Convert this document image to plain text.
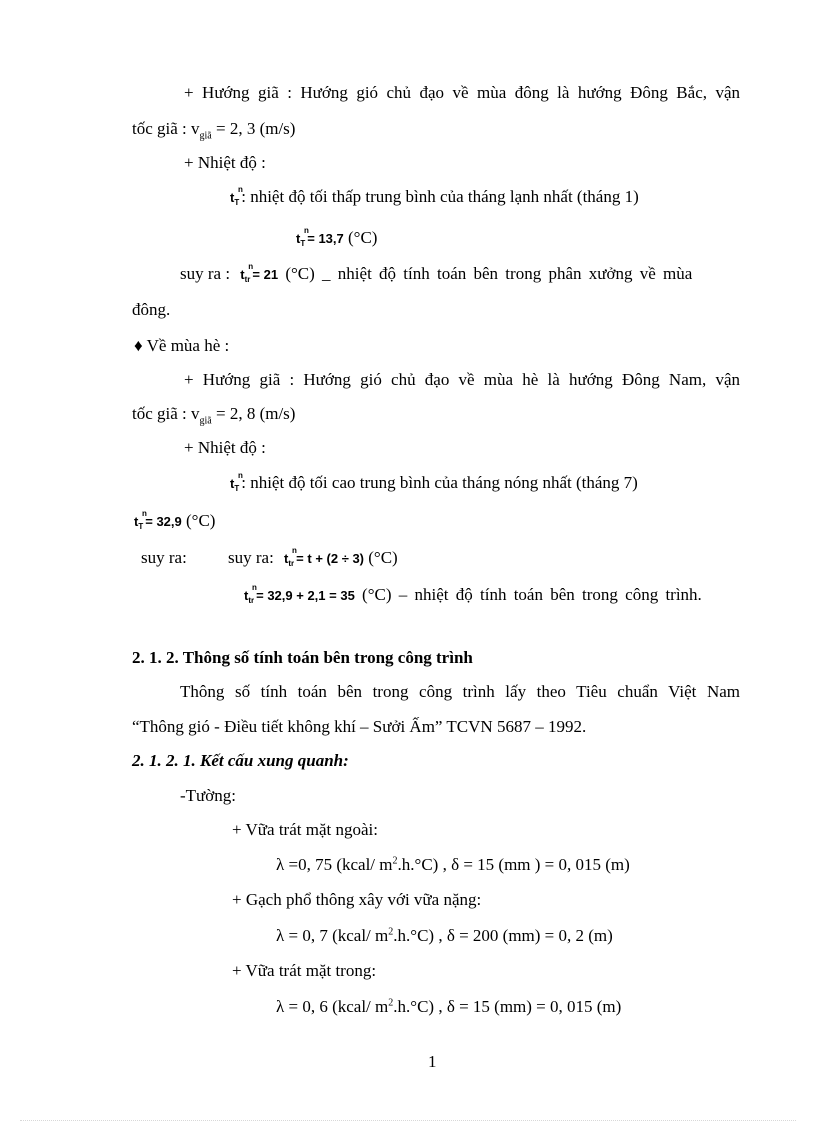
+ Hướng giã : Hướng gió chủ đạo về mùa đông là hướng Đông Bắc, vận
tốc giã : $v_{giã} = 2$, 3 (m/s)
+ Nhiệt độ :
t
n
$_T$ : nhiệt độ tối thấp trung bình của tháng lạnh nhất (tháng 1)
t
n
$_T$ = 13,7 (°C)
suy ra : t
n
$_{tr}$ = 21 (°C) _ nhiệt độ tính toán bên trong phân xưởng về mùa
đông.
♦ Về mùa hè :
+ Hướng giã : Hướng gió chủ đạo về mùa hè là hướng Đông Nam, vận
tốc giã : $v_{giã} = 2$, 8 (m/s)
+ Nhiệt độ :
t
n
$_T$ : nhiệt độ tối cao trung bình của tháng nóng nhất (tháng 7)
t
n
$_T$ = 32,9 (°C)
suy ra: suy ra: t
n
$_{tr}$ = t + (2 ÷ 3) (°C)
t
n
$_{tr}$ = 32,9 + 2,1 = 35 (°C) – nhiệt độ tính toán bên trong công trình.
2. 1. 2. Thông số tính toán bên trong công trình
Thông số tính toán bên trong công trình lấy theo Tiêu chuẩn Việt Nam
“Thông gió - Điều tiết không khí – Sưởi Ấm” TCVN 5687 – 1992.
2. 1. 2. 1. Kết cấu xung quanh:
-Tường:
+ Vữa trát mặt ngoài:
λ =0, 75 (kcal/ $m^2.h.^\circ C$) , δ = 15 (mm ) = 0, 015 (m)
+ Gạch phổ thông xây với vữa nặng:
λ = 0, 7 (kcal/ $m^2.h.^\circ C$) , δ = 200 (mm) = 0, 2 (m)
+ Vữa trát mặt trong:
λ = 0, 6 (kcal/ $m^2.h.^\circ C$) , δ = 15 (mm) = 0, 015 (m)
1
